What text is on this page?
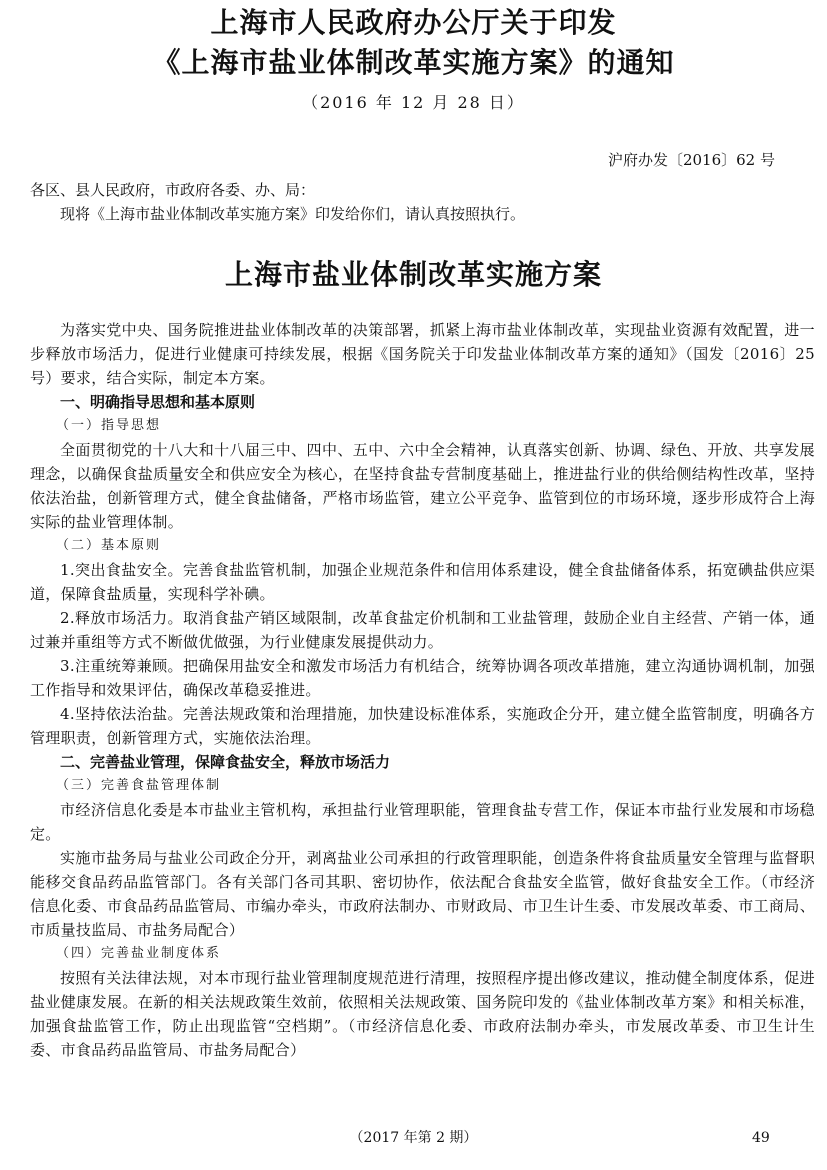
上海市人民政府办公厅关于印发
《上海市盐业体制改革实施方案》的通知
（2016 年 12 月 28 日）
沪府办发〔2016〕62 号
各区、县人民政府，市政府各委、办、局：
现将《上海市盐业体制改革实施方案》印发给你们，请认真按照执行。
上海市盐业体制改革实施方案

为落实党中央、国务院推进盐业体制改革的决策部署，抓紧上海市盐业体制改革，实现盐业资源有效配置，进一步释放市场活力，促进行业健康可持续发展，根据《国务院关于印发盐业体制改革方案的通知》（国发〔2016〕25 号）要求，结合实际，制定本方案。

一、明确指导思想和基本原则

（一）指导思想

全面贯彻党的十八大和十八届三中、四中、五中、六中全会精神，认真落实创新、协调、绿色、开放、共享发展理念，以确保食盐质量安全和供应安全为核心，在坚持食盐专营制度基础上，推进盐行业的供给侧结构性改革，坚持依法治盐，创新管理方式，健全食盐储备，严格市场监管，建立公平竞争、监管到位的市场环境，逐步形成符合上海实际的盐业管理体制。

（二）基本原则

1.突出食盐安全。完善食盐监管机制，加强企业规范条件和信用体系建设，健全食盐储备体系，拓宽碘盐供应渠道，保障食盐质量，实现科学补碘。

2.释放市场活力。取消食盐产销区域限制，改革食盐定价机制和工业盐管理，鼓励企业自主经营、产销一体，通过兼并重组等方式不断做优做强，为行业健康发展提供动力。

3.注重统筹兼顾。把确保用盐安全和激发市场活力有机结合，统筹协调各项改革措施，建立沟通协调机制，加强工作指导和效果评估，确保改革稳妥推进。

4.坚持依法治盐。完善法规政策和治理措施，加快建设标准体系，实施政企分开，建立健全监管制度，明确各方管理职责，创新管理方式，实施依法治理。

二、完善盐业管理，保障食盐安全，释放市场活力

（三）完善食盐管理体制

市经济信息化委是本市盐业主管机构，承担盐行业管理职能，管理食盐专营工作，保证本市盐行业发展和市场稳定。

实施市盐务局与盐业公司政企分开，剥离盐业公司承担的行政管理职能，创造条件将食盐质量安全管理与监督职能移交食品药品监管部门。各有关部门各司其职、密切协作，依法配合食盐安全监管，做好食盐安全工作。（市经济信息化委、市食品药品监管局、市编办牵头，市政府法制办、市财政局、市卫生计生委、市发展改革委、市工商局、市质量技监局、市盐务局配合）

（四）完善盐业制度体系

按照有关法律法规，对本市现行盐业管理制度规范进行清理，按照程序提出修改建议，推动健全制度体系，促进盐业健康发展。在新的相关法规政策生效前，依照相关法规政策、国务院印发的《盐业体制改革方案》和相关标准，加强食盐监管工作，防止出现监管“空档期”。（市经济信息化委、市政府法制办牵头，市发展改革委、市卫生计生委、市食品药品监管局、市盐务局配合）

（2017 年第 2 期）	49
